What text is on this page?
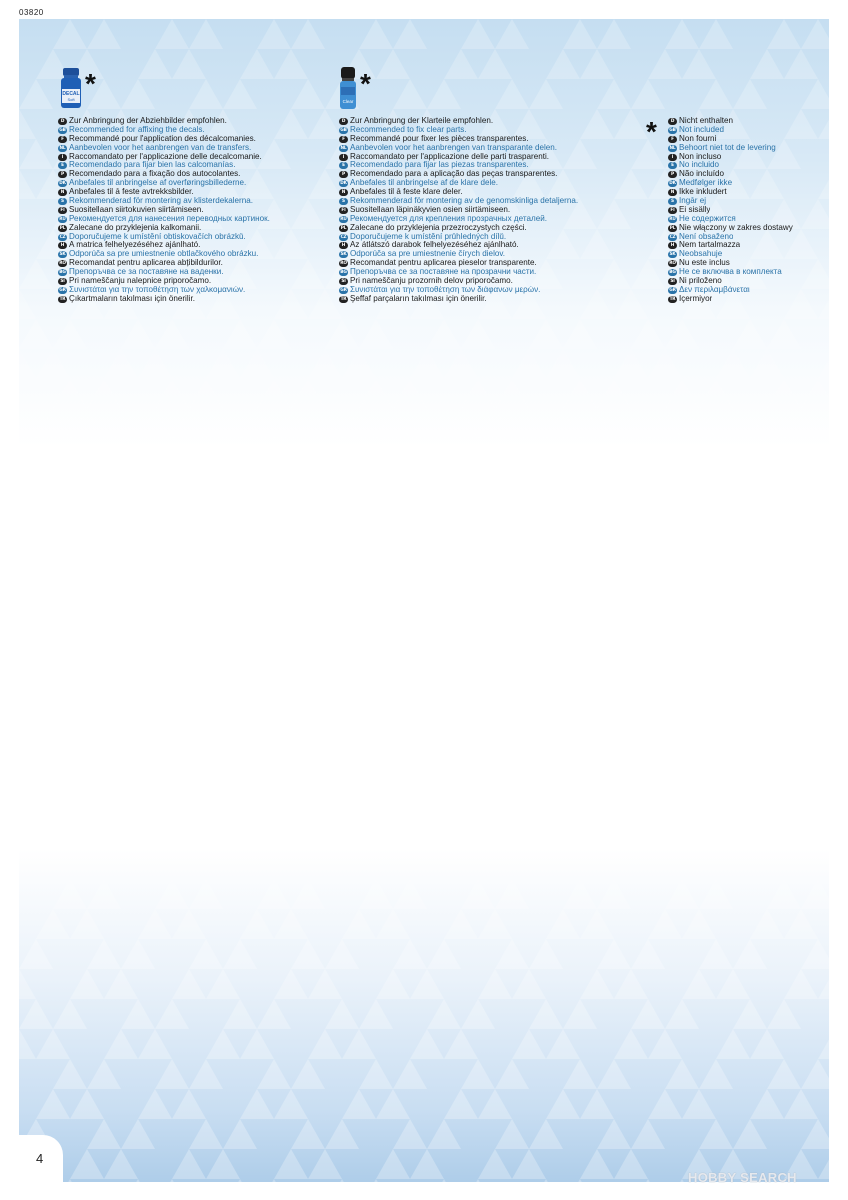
03820
4
DECAL
Soft
*
Clear
*
*
D Zur Anbringung der Abziehbilder empfohlen.
GB Recommended for affixing the decals.
F Recommandé pour l'application des décalcomanies.
NL Aanbevolen voor het aanbrengen van de transfers.
I Raccomandato per l'applicazione delle decalcomanie.
E Recomendado para fijar bien las calcomanías.
P Recomendado para a fixação dos autocolantes.
DK Anbefales til anbringelse af overføringsbillederne.
N Anbefales til å feste avtrekksbilder.
S Rekommenderad för montering av klisterdekalerna.
FI Suositellaan siirtokuvien siirtämiseen.
RU Рекомендуется для нанесения переводных картинок.
PL Zalecane do przyklejenia kalkomanii.
CZ Doporučujeme k umístění obtiskovačích obrázků.
H A matrica felhelyezéséhez ajánlható.
SK Odporúča sa pre umiestnenie obtlačkového obrázku.
RO Recomandat pentru aplicarea abțibildurilor.
BG Препоръчва се за поставяне на ваденки.
SI Pri nameščanju nalepnice priporočamo.
GR Συνιστάται για την τοποθέτηση των χαλκομανιών.
TR Çıkartmaların takılması için önerilir.
D Zur Anbringung der Klarteile empfohlen.
GB Recommended to fix clear parts.
F Recommandé pour fixer les pièces transparentes.
NL Aanbevolen voor het aanbrengen van transparante delen.
I Raccomandato per l'applicazione delle parti trasparenti.
E Recomendado para fijar las piezas transparentes.
P Recomendado para a aplicação das peças transparentes.
DK Anbefales til anbringelse af de klare dele.
N Anbefales til å feste klare deler.
S Rekommenderad för montering av de genomskinliga detaljerna.
FI Suositellaan läpinäkyvien osien siirtämiseen.
RU Рекомендуется для крепления прозрачных деталей.
PL Zalecane do przyklejenia przezroczystych części.
CZ Doporučujeme k umístění průhledných dílů.
H Az átlátszó darabok felhelyezéséhez ajánlható.
SK Odporúča sa pre umiestnenie čírych dielov.
RO Recomandat pentru aplicarea pieselor transparente.
BG Препоръчва се за поставяне на прозрачни части.
SI Pri nameščanju prozornih delov priporočamo.
GR Συνιστάται για την τοποθέτηση των διάφανων μερών.
TR Şeffaf parçaların takılması için önerilir.
D Nicht enthalten
GB Not included
F Non fourni
NL Behoort niet tot de levering
I Non incluso
E No incluido
P Não incluído
DK Medfølger ikke
N Ikke inkludert
S Ingår ej
FI Ei sisälly
RU Не содержится
PL Nie włączony w zakres dostawy
CZ Není obsaženo
H Nem tartalmazza
SK Neobsahuje
RO Nu este inclus
BG Не се включва в комплекта
SI Ni priloženo
GR Δεν περιλαμβάνεται
TR İçermiyor
HOBBY SEARCH
